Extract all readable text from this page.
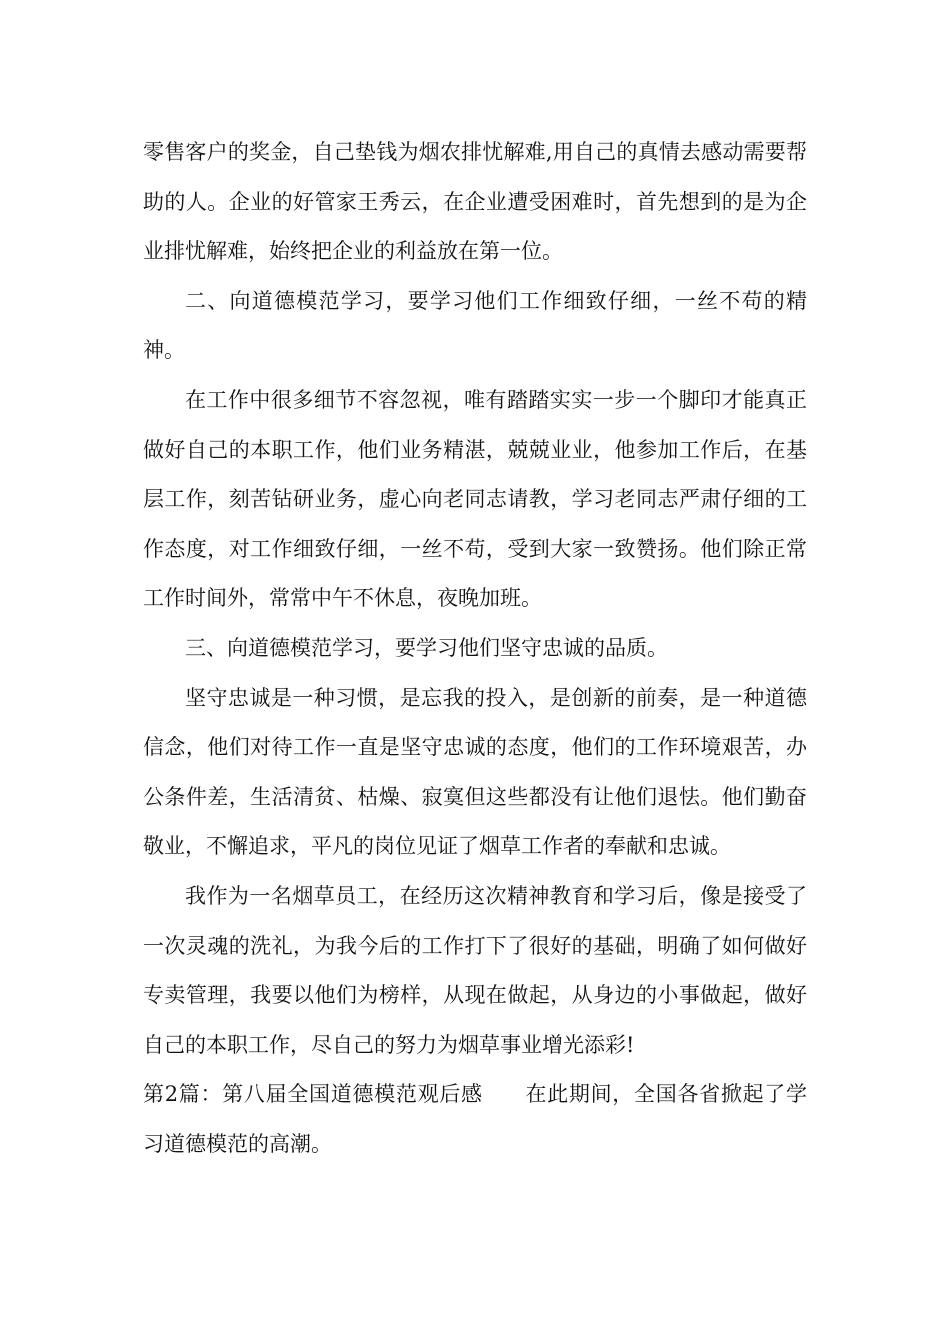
零售客户的奖金，自己垫钱为烟农排忧解难,用自己的真情去感动需要帮助的人。企业的好管家王秀云，在企业遭受困难时，首先想到的是为企业排忧解难，始终把企业的利益放在第一位。

二、向道德模范学习，要学习他们工作细致仔细，一丝不苟的精神。

在工作中很多细节不容忽视，唯有踏踏实实一步一个脚印才能真正做好自己的本职工作，他们业务精湛，兢兢业业，他参加工作后，在基层工作，刻苦钻研业务，虚心向老同志请教，学习老同志严肃仔细的工作态度，对工作细致仔细，一丝不苟，受到大家一致赞扬。他们除正常工作时间外，常常中午不休息，夜晚加班。

三、向道德模范学习，要学习他们坚守忠诚的品质。

坚守忠诚是一种习惯，是忘我的投入，是创新的前奏，是一种道德信念，他们对待工作一直是坚守忠诚的态度，他们的工作环境艰苦，办公条件差，生活清贫、枯燥、寂寞但这些都没有让他们退怯。他们勤奋敬业，不懈追求，平凡的岗位见证了烟草工作者的奉献和忠诚。

我作为一名烟草员工，在经历这次精神教育和学习后，像是接受了一次灵魂的洗礼，为我今后的工作打下了很好的基础，明确了如何做好专卖管理，我要以他们为榜样，从现在做起，从身边的小事做起，做好自己的本职工作，尽自己的努力为烟草事业增光添彩!

第2篇：第八届全国道德模范观后感 在此期间，全国各省掀起了学习道德模范的高潮。
